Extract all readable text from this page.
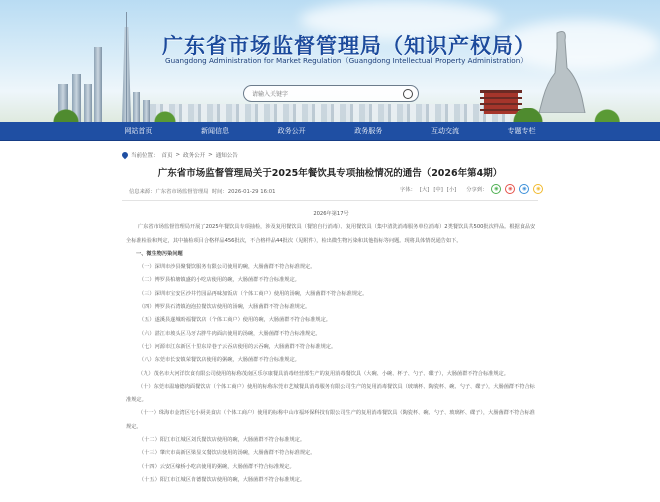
广东省市场监督管理局（知识产权局）
Guangdong Administration for Market Regulation（Guangdong Intellectual Property Administration）
请输入关键字
网站首页	新闻信息	政务公开	政务服务	互动交流	专题专栏
当前位置： 首页 > 政务公开 > 通知公告
广东省市场监督管理局关于2025年餐饮具专项抽检情况的通告（2026年第4期）
信息来源：广东省市场监督管理局 时间：2026-01-29 16:01	字体： [大] [中] [小] 分享到：	◉	◉	◉	◉
2026年第17号

广东省市场监督管理局开展了2025年餐饮具专项抽检，涉及复用餐饮具（餐馆自行消毒）、复用餐饮具（集中清洗消毒服务单位消毒）2类餐饮具共500批次样品。根据食品安全标准检验和判定，其中抽检项目合格样品456批次，不合格样品44批次（见附件），检出微生物污染和其他指标等问题。现将具体情况通告如下。

一、微生物污染问题
（一）深圳市沙县聚餐饮服务有限公司使用的碗，大肠菌群不符合标准规定。
（二）博罗县柏塘镇盛的小吃店使用的碗，大肠菌群不符合标准规定。
（三）深圳市宝安区沙井竹园品再味加饭店（个体工商户）使用的汤碗，大肠菌群不符合标准规定。
（四）博罗县石湾镇泡泡拉餐饮店使用的汤碗，大肠菌群不符合标准规定。
（五）遂溪县遂城盼福餐饮店（个体工商户）使用的碗，大肠菌群不符合标准规定。
（六）湛江市坡头区马牙古胖牛肉面店使用的汤碗，大肠菌群不符合标准规定。
（七）河源市江东新区十里东岸巷子云吞店使用的云吞碗，大肠菌群不符合标准规定。
（八）东莞市长安镇荣餐饮店使用的粥碗，大肠菌群不符合标准规定。

（九）茂名市大河洋饮食有限公司使用的标称茂南区乐尔康餐具消毒经营部生产的复用消毒餐饮具（大碗、小碗、杯子、勺子、碟子），大肠菌群不符合标准规定。

（十）东莞市温瑜德肉面餐饮店（个体工商户）使用的标称东莞市艺城餐具消毒服务有限公司生产的复用消毒餐饮具（玻璃杯、陶瓷杯、碗、勺子、碟子），大肠菌群不符合标准规定。

（十一）珠海市金湾区宅小厨美食店（个体工商户）使用的标称中山市福环保科技有限公司生产的复用消毒餐饮具（陶瓷杯、碗、勺子、玻璃杯、碟子），大肠菌群不符合标准规定。

（十二）阳江市江城区刘氏餐饮店使用的碗，大肠菌群不符合标准规定。
（十三）肇庆市高新区梁显义餐饮店使用的汤碗，大肠菌群不符合标准规定。
（十四）云安区缘桥小吃店使用的粥碗，大肠菌群不符合标准规定。
（十五）阳江市江城区肯德餐饮店使用的碗，大肠菌群不符合标准规定。
